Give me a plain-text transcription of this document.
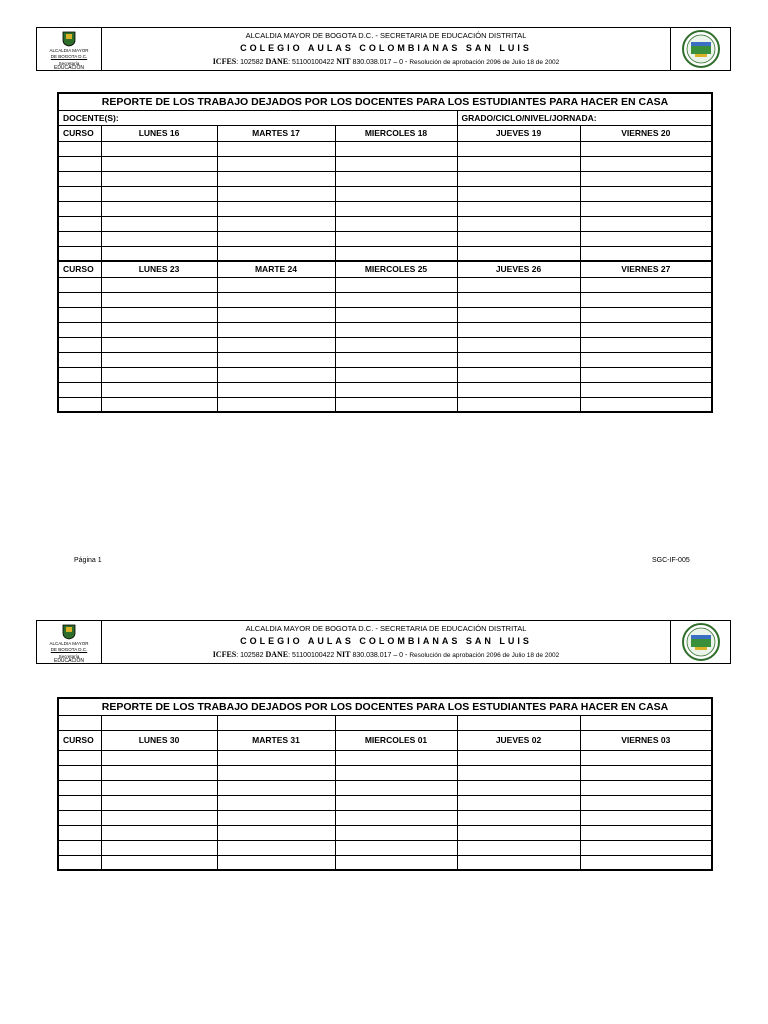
ALCALDIA MAYOR
DE BOGOTA D.C.
Secretaría
EDUCACIÓN
ALCALDIA MAYOR DE BOGOTA D.C. - SECRETARIA DE EDUCACIÓN DISTRITAL
COLEGIO AULAS COLOMBIANAS SAN LUIS
ICFES: 102582 DANE: 51100100422 NIT 830.038.017 – 0 - Resolución de aprobación 2096 de Julio 18 de 2002
REPORTE DE LOS TRABAJO DEJADOS POR LOS DOCENTES PARA LOS ESTUDIANTES PARA HACER EN CASA					
DOCENTE(S):				GRADO/CICLO/NIVEL/JORNADA:	
CURSO	LUNES 16	MARTES 17	MIERCOLES 18	JUEVES 19	VIERNES 20

CURSO	LUNES 23	MARTE 24	MIERCOLES 25	JUEVES 26	VIERNES 27

Página 1	SGC-IF-005
ALCALDIA MAYOR
DE BOGOTA D.C.
Secretaría
EDUCACIÓN
ALCALDIA MAYOR DE BOGOTA D.C. - SECRETARIA DE EDUCACIÓN DISTRITAL
COLEGIO AULAS COLOMBIANAS SAN LUIS
ICFES: 102582 DANE: 51100100422 NIT 830.038.017 – 0 - Resolución de aprobación 2096 de Julio 18 de 2002
REPORTE DE LOS TRABAJO DEJADOS POR LOS DOCENTES PARA LOS ESTUDIANTES PARA HACER EN CASA					

CURSO	LUNES 30	MARTES 31	MIERCOLES 01	JUEVES 02	VIERNES 03
